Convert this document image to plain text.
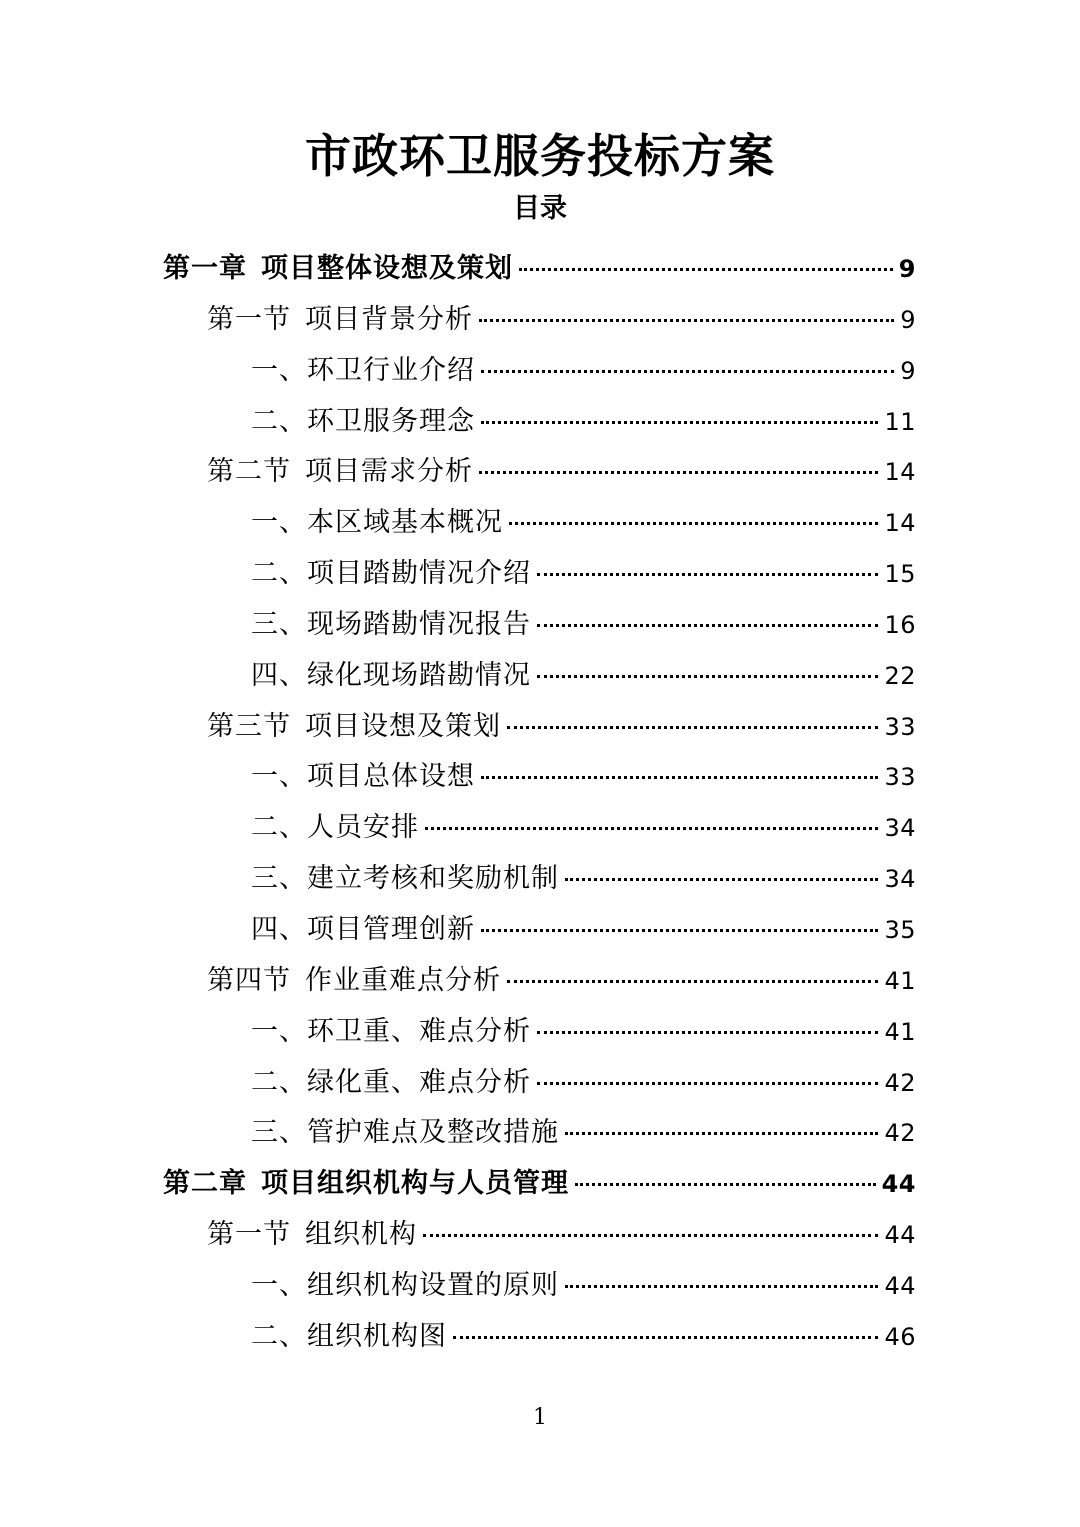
市政环卫服务投标方案
目录
第一章 项目整体设想及策划	9
第一节 项目背景分析	9
一、环卫行业介绍	9
二、环卫服务理念	11
第二节 项目需求分析	14
一、本区域基本概况	14
二、项目踏勘情况介绍	15
三、现场踏勘情况报告	16
四、绿化现场踏勘情况	22
第三节 项目设想及策划	33
一、项目总体设想	33
二、人员安排	34
三、建立考核和奖励机制	34
四、项目管理创新	35
第四节 作业重难点分析	41
一、环卫重、难点分析	41
二、绿化重、难点分析	42
三、管护难点及整改措施	42
第二章 项目组织机构与人员管理	44
第一节 组织机构	44
一、组织机构设置的原则	44
二、组织机构图	46
1
